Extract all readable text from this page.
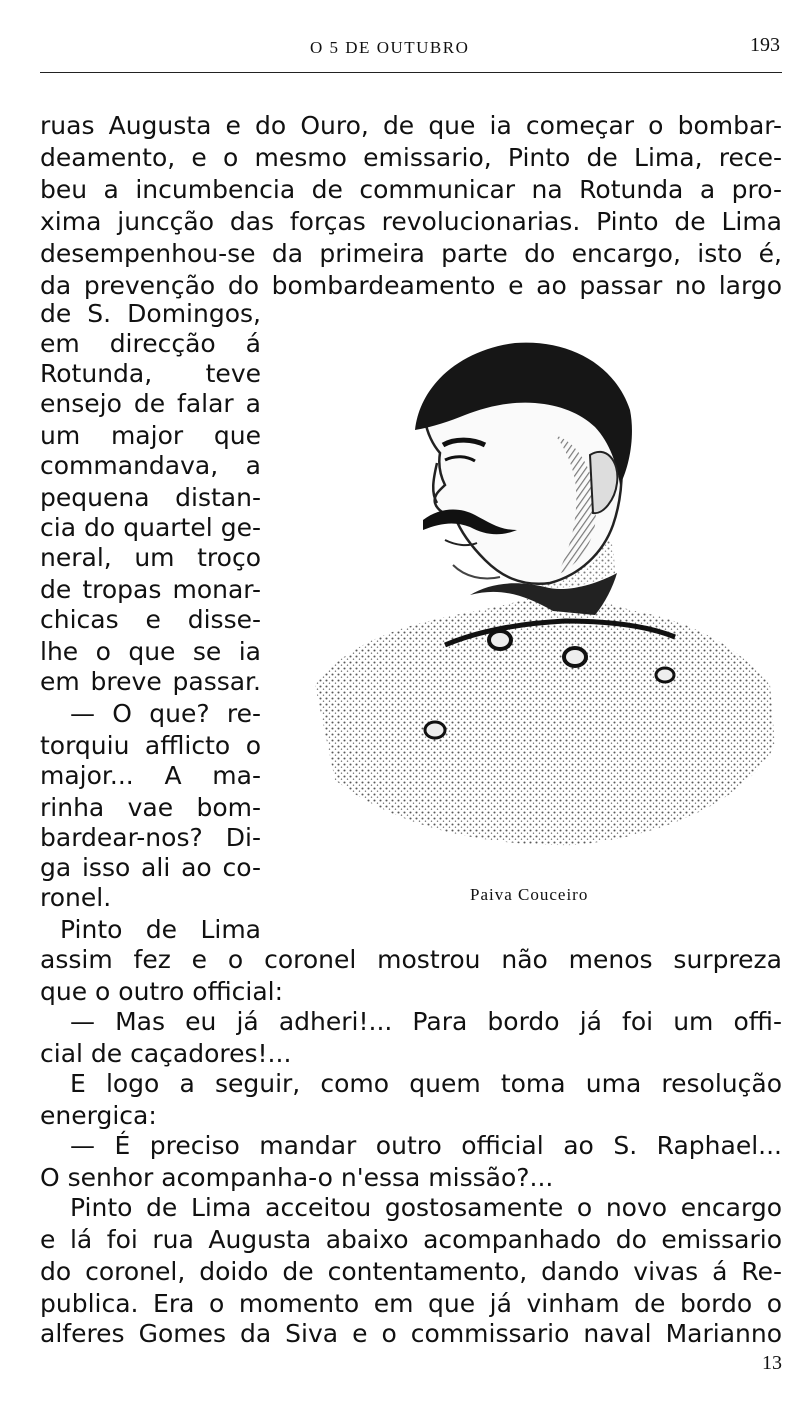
O 5 DE OUTUBRO	193
ruas Augusta e do Ouro, de que ia começar o bombar-
deamento, e o mesmo emissario, Pinto de Lima, rece-
beu a incumbencia de communicar na Rotunda a pro-
xima juncção das forças revolucionarias. Pinto de Lima
desempenhou-se da primeira parte do encargo, isto é,
da prevenção do bombardeamento e ao passar no largo
de S. Domingos,
em direcção á
Rotunda, teve
ensejo de falar a
um major que
commandava, a
pequena distan-
cia do quartel ge-
neral, um troço
de tropas monar-
chicas e disse-
lhe o que se ia
em breve passar.
— O que? re-
torquiu afflicto o
major... A ma-
rinha vae bom-
bardear-nos? Di-
ga isso ali ao co-
ronel.
Pinto de Lima
assim fez e o coronel mostrou não menos surpreza
que o outro official:
— Mas eu já adheri!... Para bordo já foi um offi-
cial de caçadores!...
E logo a seguir, como quem toma uma resolução
energica:
— É preciso mandar outro official ao S. Raphael...
O senhor acompanha-o n'essa missão?...
Pinto de Lima acceitou gostosamente o novo encargo
e lá foi rua Augusta abaixo acompanhado do emissario
do coronel, doido de contentamento, dando vivas á Re-
publica. Era o momento em que já vinham de bordo o
alferes Gomes da Siva e o commissario naval Marianno
Paiva Couceiro
13
